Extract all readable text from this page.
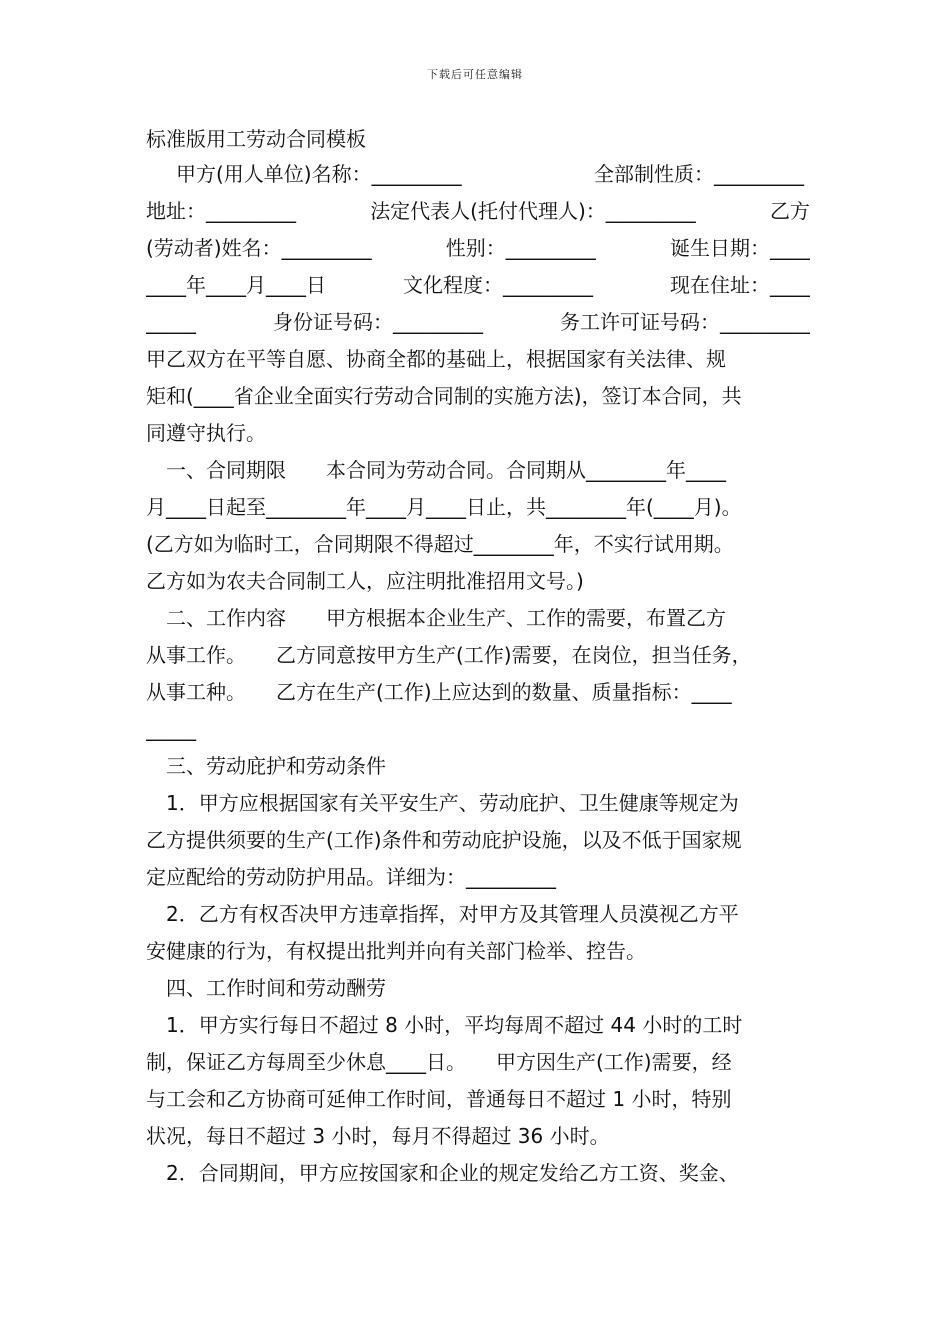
下载后可任意编辑
标准版用工劳动合同模板
甲方(用人单位)名称：_________	全部制性质：_________
地址：_________	法定代表人(托付代理人)：_________	乙方
(劳动者)姓名：_________	性别：_________	诞生日期：____
____年____月____日	文化程度：_________	现在住址：____
_____	身份证号码：_________	务工许可证号码：_________
甲乙双方在平等自愿、协商全都的基础上，根据国家有关法律、规
矩和(____省企业全面实行劳动合同制的实施方法)，签订本合同，共
同遵守执行。
　一、合同期限　　本合同为劳动合同。合同期从________年____
月____日起至________年____月____日止，共________年(____月)。
(乙方如为临时工，合同期限不得超过________年，不实行试用期。
乙方如为农夫合同制工人，应注明批准招用文号。)
　二、工作内容　　甲方根据本企业生产、工作的需要，布置乙方
从事工作。　　乙方同意按甲方生产(工作)需要，在岗位，担当任务，
从事工种。　　乙方在生产(工作)上应达到的数量、质量指标：____
_____
　三、劳动庇护和劳动条件
　1．甲方应根据国家有关平安生产、劳动庇护、卫生健康等规定为
乙方提供须要的生产(工作)条件和劳动庇护设施，以及不低于国家规
定应配给的劳动防护用品。详细为：_________
　2．乙方有权否决甲方违章指挥，对甲方及其管理人员漠视乙方平
安健康的行为，有权提出批判并向有关部门检举、控告。
　四、工作时间和劳动酬劳
　1．甲方实行每日不超过 8 小时，平均每周不超过 44 小时的工时
制，保证乙方每周至少休息____日。　　甲方因生产(工作)需要，经
与工会和乙方协商可延伸工作时间，普通每日不超过 1 小时，特别
状况，每日不超过 3 小时，每月不得超过 36 小时。
　2．合同期间，甲方应按国家和企业的规定发给乙方工资、奖金、
